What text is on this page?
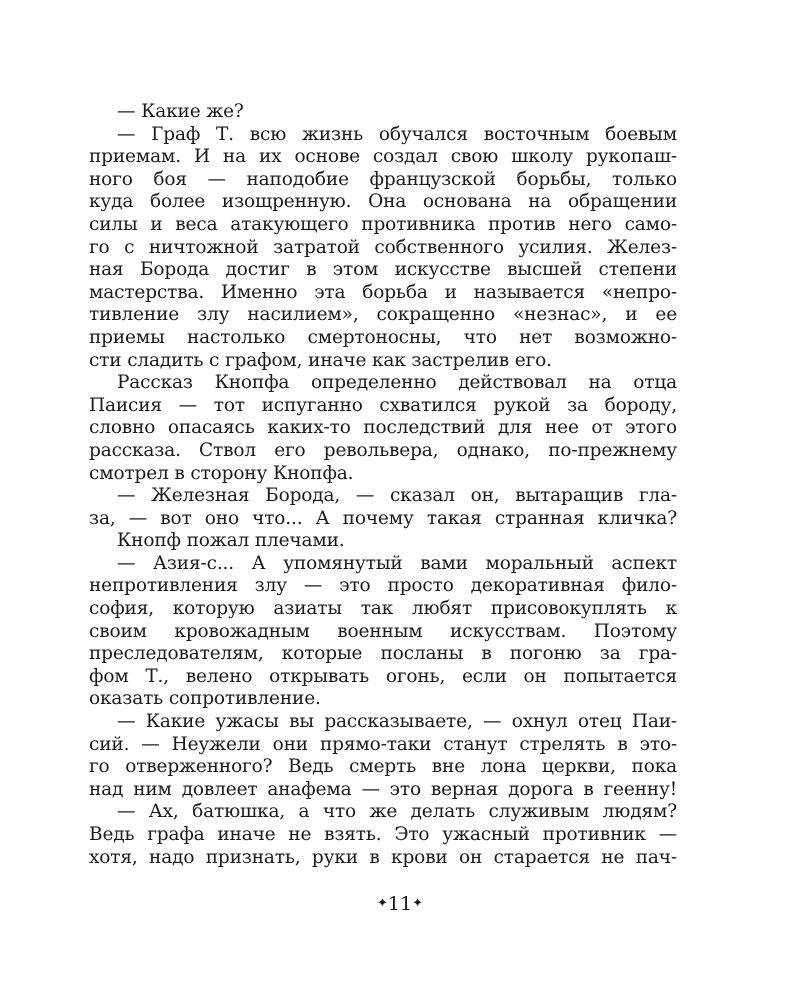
— Какие же?
— Граф Т. всю жизнь обучался восточным боевым
приемам. И на их основе создал свою школу рукопаш-
ного боя — наподобие французской борьбы, только
куда более изощренную. Она основана на обращении
силы и веса атакующего противника против него само-
го с ничтожной затратой собственного усилия. Желез-
ная Борода достиг в этом искусстве высшей степени
мастерства. Именно эта борьба и называется «непро-
тивление злу насилием», сокращенно «незнас», и ее
приемы настолько смертоносны, что нет возможно-
сти сладить с графом, иначе как застрелив его.
Рассказ Кнопфа определенно действовал на отца
Паисия — тот испуганно схватился рукой за бороду,
словно опасаясь каких-то последствий для нее от этого
рассказа. Ствол его револьвера, однако, по-прежнему
смотрел в сторону Кнопфа.
— Железная Борода, — сказал он, вытаращив гла-
за, — вот оно что... А почему такая странная кличка?
Кнопф пожал плечами.
— Азия-с... А упомянутый вами моральный аспект
непротивления злу — это просто декоративная фило-
софия, которую азиаты так любят присовокуплять к
своим кровожадным военным искусствам. Поэтому
преследователям, которые посланы в погоню за гра-
фом Т., велено открывать огонь, если он попытается
оказать сопротивление.
— Какие ужасы вы рассказываете, — охнул отец Паи-
сий. — Неужели они прямо-таки станут стрелять в это-
го отверженного? Ведь смерть вне лона церкви, пока
над ним довлеет анафема — это верная дорога в геенну!
— Ах, батюшка, а что же делать служивым людям?
Ведь графа иначе не взять. Это ужасный противник —
хотя, надо признать, руки в крови он старается не пач-
✦11✦
